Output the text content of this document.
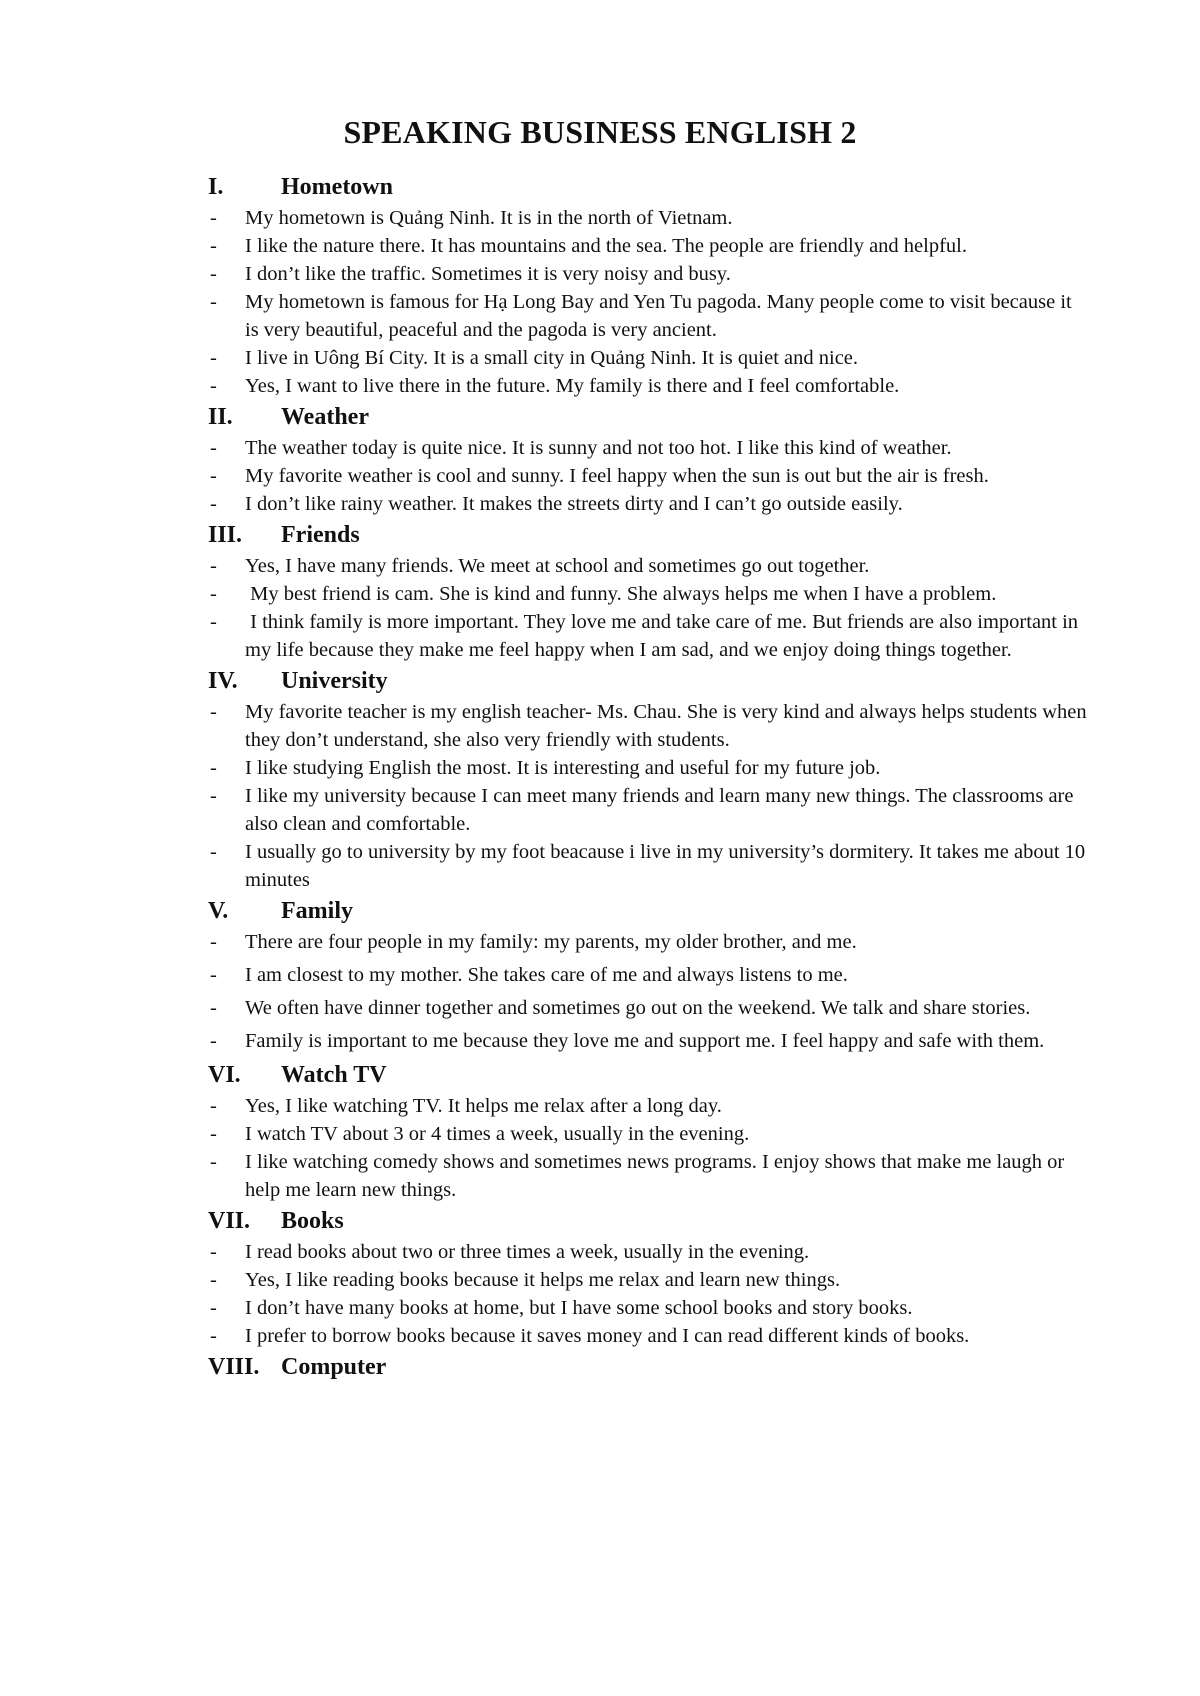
SPEAKING BUSINESS ENGLISH 2
I.	Hometown
- My hometown is Quảng Ninh. It is in the north of Vietnam.
- I like the nature there. It has mountains and the sea. The people are friendly and helpful.
- I don’t like the traffic. Sometimes it is very noisy and busy.
- My hometown is famous for Hạ Long Bay and Yen Tu pagoda. Many people come to visit because it is very beautiful, peaceful and the pagoda is very ancient.
- I live in Uông Bí City. It is a small city in Quảng Ninh. It is quiet and nice.
- Yes, I want to live there in the future. My family is there and I feel comfortable.
II.	Weather
- The weather today is quite nice. It is sunny and not too hot. I like this kind of weather.
- My favorite weather is cool and sunny. I feel happy when the sun is out but the air is fresh.
- I don’t like rainy weather. It makes the streets dirty and I can’t go outside easily.
III.	Friends
- Yes, I have many friends. We meet at school and sometimes go out together.
- My best friend is cam. She is kind and funny. She always helps me when I have a problem.
- I think family is more important. They love me and take care of me. But friends are also important in my life because they make me feel happy when I am sad, and we enjoy doing things together.
IV.	University
- My favorite teacher is my english teacher- Ms. Chau. She is very kind and always helps students when they don’t understand, she also very friendly with students.
- I like studying English the most. It is interesting and useful for my future job.
- I like my university because I can meet many friends and learn many new things. The classrooms are also clean and comfortable.
- I usually go to university by my foot beacause i live in my university’s dormitery. It takes me about 10 minutes
V.	Family
- There are four people in my family: my parents, my older brother, and me.
- I am closest to my mother. She takes care of me and always listens to me.
- We often have dinner together and sometimes go out on the weekend. We talk and share stories.
- Family is important to me because they love me and support me. I feel happy and safe with them.
VI.	Watch TV
- Yes, I like watching TV. It helps me relax after a long day.
- I watch TV about 3 or 4 times a week, usually in the evening.
- I like watching comedy shows and sometimes news programs. I enjoy shows that make me laugh or help me learn new things.
VII.	Books
- I read books about two or three times a week, usually in the evening.
- Yes, I like reading books because it helps me relax and learn new things.
- I don’t have many books at home, but I have some school books and story books.
- I prefer to borrow books because it saves money and I can read different kinds of books.
VIII. Computer
